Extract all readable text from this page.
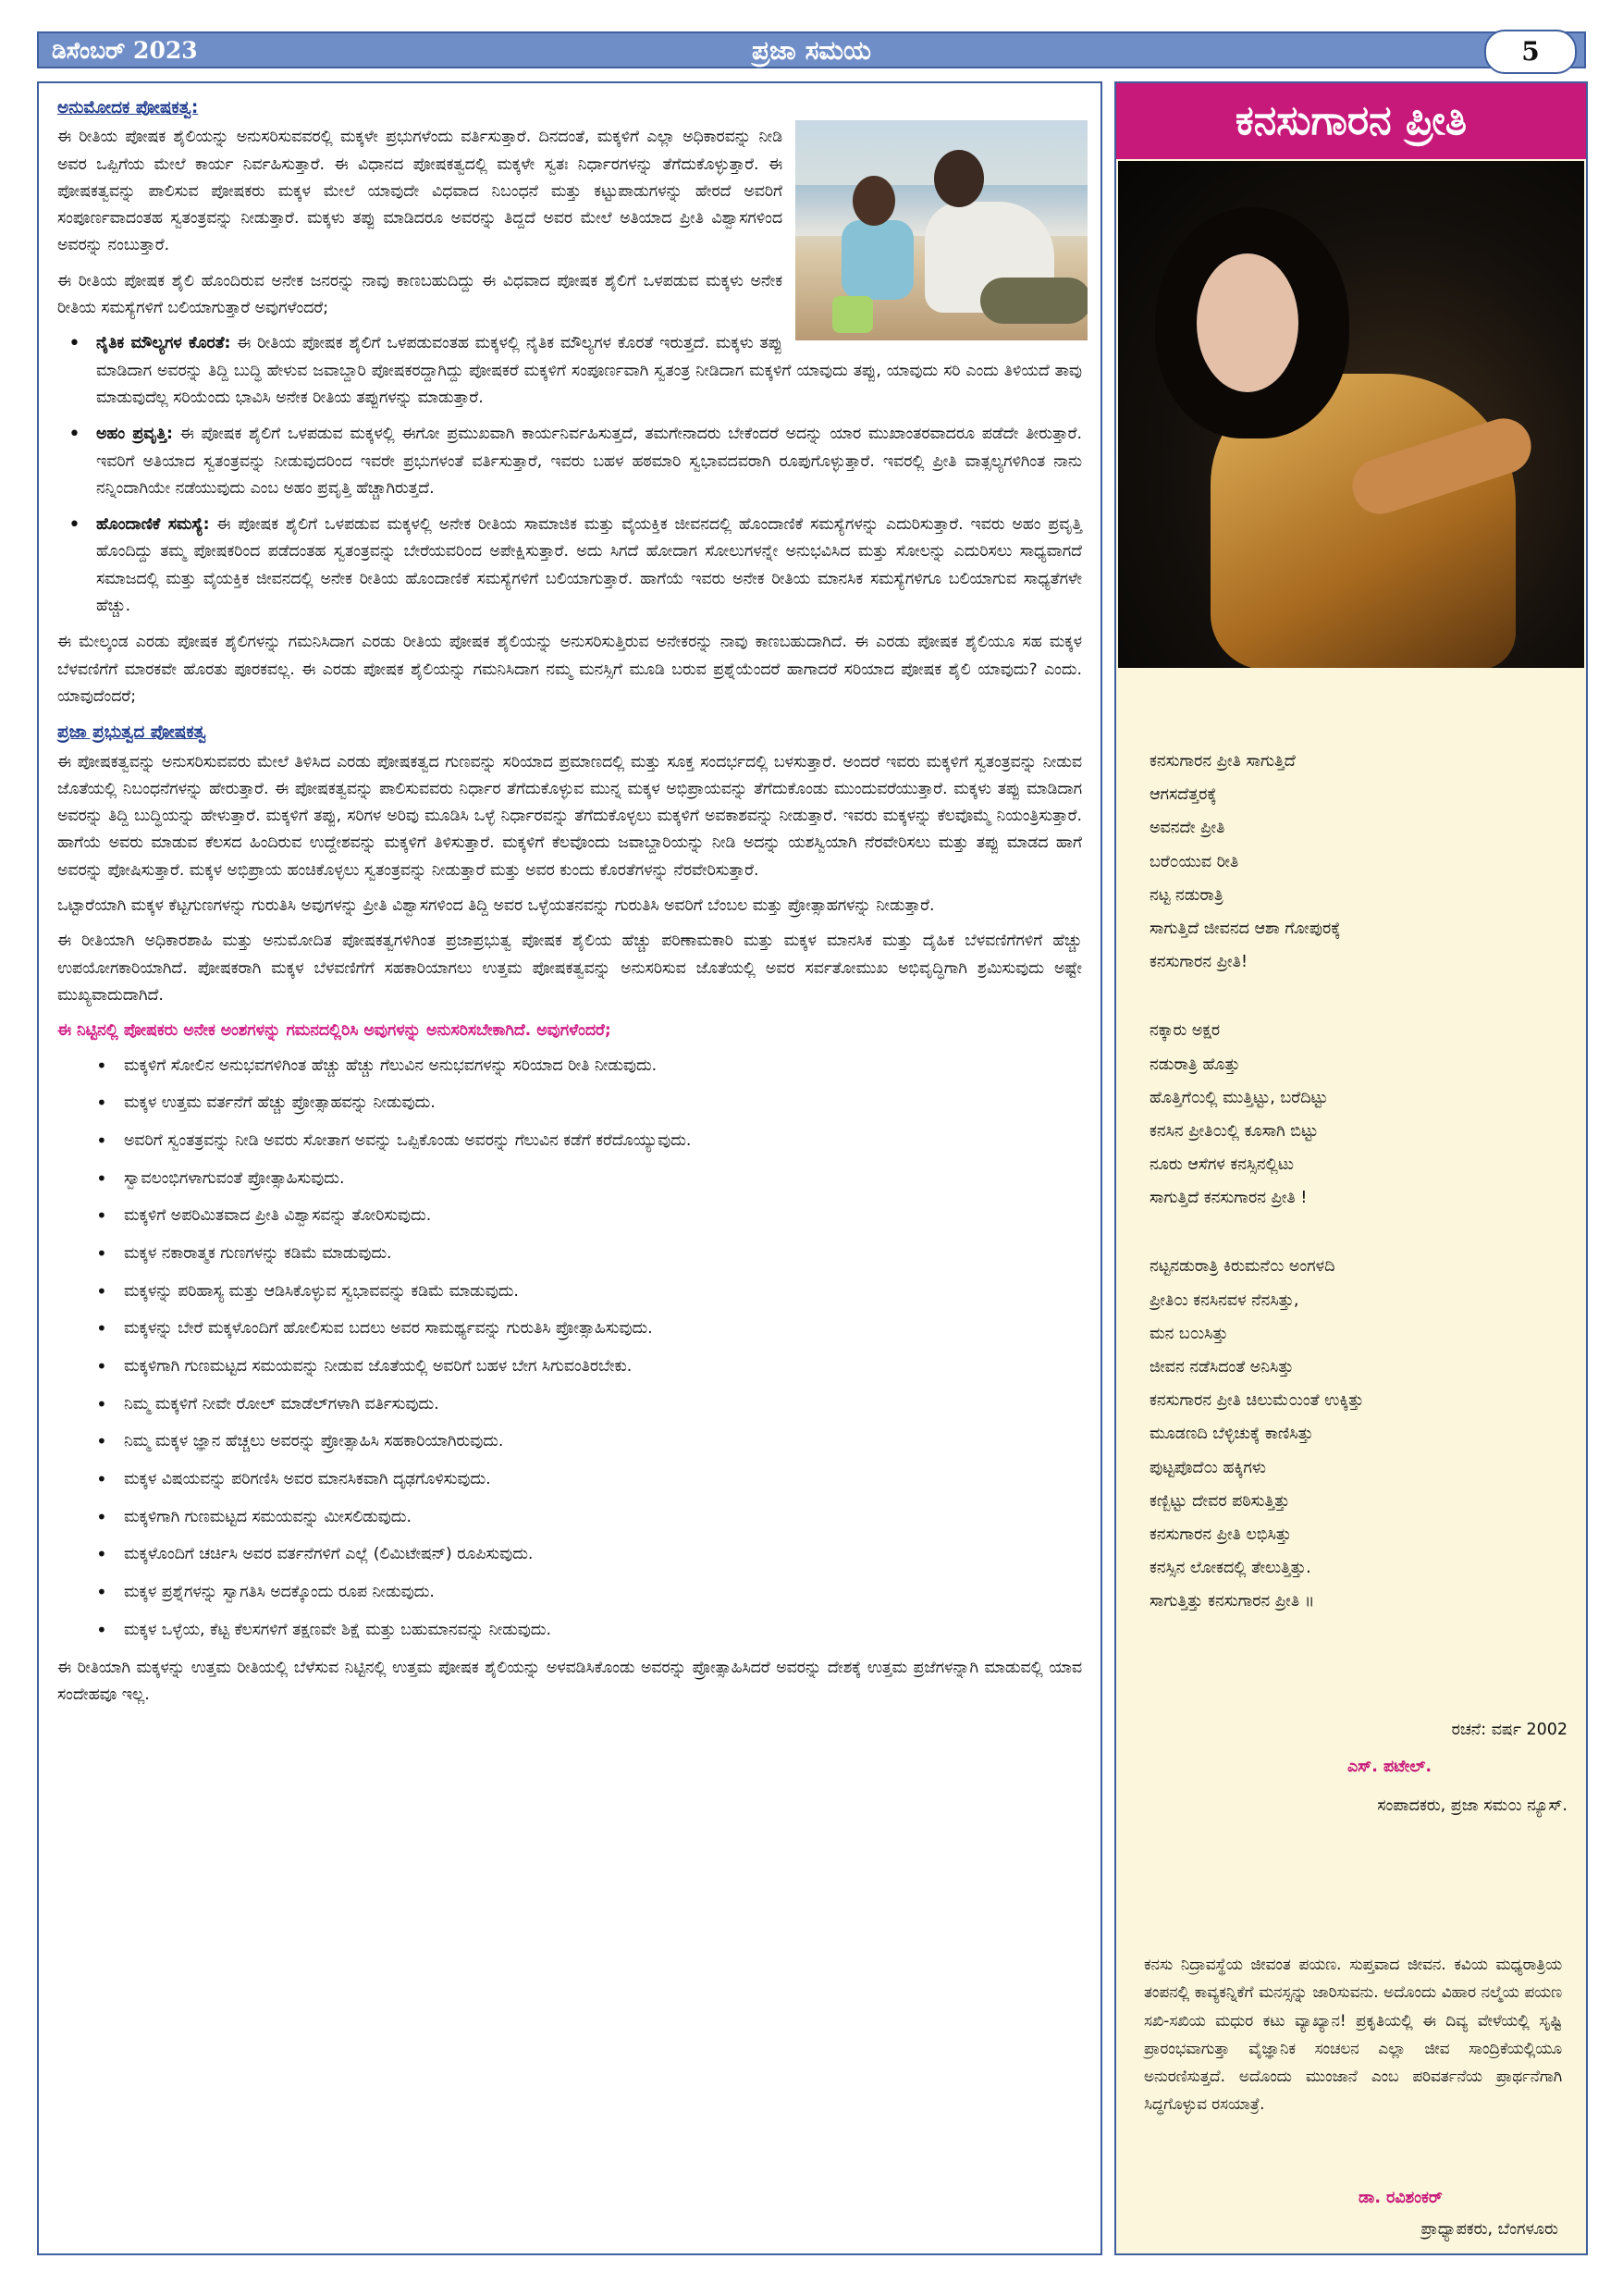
ಡಿಸೆಂಬರ್ 2023	ಪ್ರಜಾ ಸಮಯ	5
ಅನುಮೋದಕ ಪೋಷಕತ್ವ:

ಈ ರೀತಿಯ ಪೋಷಕ ಶೈಲಿಯನ್ನು ಅನುಸರಿಸುವವರಲ್ಲಿ ಮಕ್ಕಳೇ ಪ್ರಭುಗಳೆಂದು ವರ್ತಿಸುತ್ತಾರೆ. ದಿನದಂತೆ, ಮಕ್ಕಳಿಗೆ ಎಲ್ಲಾ ಅಧಿಕಾರವನ್ನು ನೀಡಿ ಅವರ ಒಪ್ಪಿಗೆಯ ಮೇಲೆ ಕಾರ್ಯ ನಿರ್ವಹಿಸುತ್ತಾರೆ. ಈ ವಿಧಾನದ ಪೋಷಕತ್ವದಲ್ಲಿ ಮಕ್ಕಳೇ ಸ್ವತಃ ನಿರ್ಧಾರಗಳನ್ನು ತೆಗೆದುಕೊಳ್ಳುತ್ತಾರೆ. ಈ ಪೋಷಕತ್ವವನ್ನು ಪಾಲಿಸುವ ಪೋಷಕರು ಮಕ್ಕಳ ಮೇಲೆ ಯಾವುದೇ ವಿಧವಾದ ನಿಬಂಧನೆ ಮತ್ತು ಕಟ್ಟುಪಾಡುಗಳನ್ನು ಹೇರದೆ ಅವರಿಗೆ ಸಂಪೂರ್ಣವಾದಂತಹ ಸ್ವತಂತ್ರವನ್ನು ನೀಡುತ್ತಾರೆ. ಮಕ್ಕಳು ತಪ್ಪು ಮಾಡಿದರೂ ಅವರನ್ನು ತಿದ್ದದೆ ಅವರ ಮೇಲೆ ಅತಿಯಾದ ಪ್ರೀತಿ ವಿಶ್ವಾಸಗಳಿಂದ ಅವರನ್ನು ನಂಬುತ್ತಾರೆ.

ಈ ರೀತಿಯ ಪೋಷಕ ಶೈಲಿ ಹೊಂದಿರುವ ಅನೇಕ ಜನರನ್ನು ನಾವು ಕಾಣಬಹುದಿದ್ದು ಈ ವಿಧವಾದ ಪೋಷಕ ಶೈಲಿಗೆ ಒಳಪಡುವ ಮಕ್ಕಳು ಅನೇಕ ರೀತಿಯ ಸಮಸ್ಯೆಗಳಿಗೆ ಬಲಿಯಾಗುತ್ತಾರೆ ಅವುಗಳೆಂದರೆ;

• ನೈತಿಕ ಮೌಲ್ಯಗಳ ಕೊರತೆ: ಈ ರೀತಿಯ ಪೋಷಕ ಶೈಲಿಗೆ ಒಳಪಡುವಂತಹ ಮಕ್ಕಳಲ್ಲಿ ನೈತಿಕ ಮೌಲ್ಯಗಳ ಕೊರತೆ ಇರುತ್ತದೆ. ಮಕ್ಕಳು ತಪ್ಪು ಮಾಡಿದಾಗ ಅವರನ್ನು ತಿದ್ದಿ ಬುದ್ಧಿ ಹೇಳುವ ಜವಾಬ್ದಾರಿ ಪೋಷಕರದ್ದಾಗಿದ್ದು ಪೋಷಕರೆ ಮಕ್ಕಳಿಗೆ ಸಂಪೂರ್ಣವಾಗಿ ಸ್ವತಂತ್ರ ನೀಡಿದಾಗ ಮಕ್ಕಳಿಗೆ ಯಾವುದು ತಪ್ಪು, ಯಾವುದು ಸರಿ ಎಂದು ತಿಳಿಯದೆ ತಾವು ಮಾಡುವುದೆಲ್ಲ ಸರಿಯೆಂದು ಭಾವಿಸಿ ಅನೇಕ ರೀತಿಯ ತಪ್ಪುಗಳನ್ನು ಮಾಡುತ್ತಾರೆ.
• ಅಹಂ ಪ್ರವೃತ್ತಿ: ಈ ಪೋಷಕ ಶೈಲಿಗೆ ಒಳಪಡುವ ಮಕ್ಕಳಲ್ಲಿ ಈಗೋ ಪ್ರಮುಖವಾಗಿ ಕಾರ್ಯನಿರ್ವಹಿಸುತ್ತದೆ, ತಮಗೇನಾದರು ಬೇಕೆಂದರೆ ಅದನ್ನು ಯಾರ ಮುಖಾಂತರವಾದರೂ ಪಡೆದೇ ತೀರುತ್ತಾರೆ. ಇವರಿಗೆ ಅತಿಯಾದ ಸ್ವತಂತ್ರವನ್ನು ನೀಡುವುದರಿಂದ ಇವರೇ ಪ್ರಭುಗಳಂತೆ ವರ್ತಿಸುತ್ತಾರೆ, ಇವರು ಬಹಳ ಹಠಮಾರಿ ಸ್ವಭಾವದವರಾಗಿ ರೂಪುಗೊಳ್ಳುತ್ತಾರೆ. ಇವರಲ್ಲಿ ಪ್ರೀತಿ ವಾತ್ಸಲ್ಯಗಳಿಗಿಂತ ನಾನು ನನ್ನಿಂದಾಗಿಯೇ ನಡೆಯುವುದು ಎಂಬ ಅಹಂ ಪ್ರವೃತ್ತಿ ಹೆಚ್ಚಾಗಿರುತ್ತದೆ.
• ಹೊಂದಾಣಿಕೆ ಸಮಸ್ಯೆ: ಈ ಪೋಷಕ ಶೈಲಿಗೆ ಒಳಪಡುವ ಮಕ್ಕಳಲ್ಲಿ ಅನೇಕ ರೀತಿಯ ಸಾಮಾಜಿಕ ಮತ್ತು ವೈಯಕ್ತಿಕ ಜೀವನದಲ್ಲಿ ಹೊಂದಾಣಿಕೆ ಸಮಸ್ಯೆಗಳನ್ನು ಎದುರಿಸುತ್ತಾರೆ. ಇವರು ಅಹಂ ಪ್ರವೃತ್ತಿ ಹೊಂದಿದ್ದು ತಮ್ಮ ಪೋಷಕರಿಂದ ಪಡೆದಂತಹ ಸ್ವತಂತ್ರವನ್ನು ಬೇರೆಯವರಿಂದ ಅಪೇಕ್ಷಿಸುತ್ತಾರೆ. ಅದು ಸಿಗದೆ ಹೋದಾಗ ಸೋಲುಗಳನ್ನೇ ಅನುಭವಿಸಿದ ಮತ್ತು ಸೋಲನ್ನು ಎದುರಿಸಲು ಸಾಧ್ಯವಾಗದೆ ಸಮಾಜದಲ್ಲಿ ಮತ್ತು ವೈಯಕ್ತಿಕ ಜೀವನದಲ್ಲಿ ಅನೇಕ ರೀತಿಯ ಹೊಂದಾಣಿಕೆ ಸಮಸ್ಯೆಗಳಿಗೆ ಬಲಿಯಾಗುತ್ತಾರೆ. ಹಾಗೆಯೆ ಇವರು ಅನೇಕ ರೀತಿಯ ಮಾನಸಿಕ ಸಮಸ್ಯೆಗಳಿಗೂ ಬಲಿಯಾಗುವ ಸಾಧ್ಯತೆಗಳೇ ಹೆಚ್ಚು.

ಈ ಮೇಲ್ಕಂಡ ಎರಡು ಪೋಷಕ ಶೈಲಿಗಳನ್ನು ಗಮನಿಸಿದಾಗ ಎರಡು ರೀತಿಯ ಪೋಷಕ ಶೈಲಿಯನ್ನು ಅನುಸರಿಸುತ್ತಿರುವ ಅನೇಕರನ್ನು ನಾವು ಕಾಣಬಹುದಾಗಿದೆ. ಈ ಎರಡು ಪೋಷಕ ಶೈಲಿಯೂ ಸಹ ಮಕ್ಕಳ ಬೆಳವಣಿಗೆಗೆ ಮಾರಕವೇ ಹೊರತು ಪೂರಕವಲ್ಲ. ಈ ಎರಡು ಪೋಷಕ ಶೈಲಿಯನ್ನು ಗಮನಿಸಿದಾಗ ನಮ್ಮ ಮನಸ್ಸಿಗೆ ಮೂಡಿ ಬರುವ ಪ್ರಶ್ನೆಯೆಂದರೆ ಹಾಗಾದರೆ ಸರಿಯಾದ ಪೋಷಕ ಶೈಲಿ ಯಾವುದು? ಎಂದು. ಯಾವುದೆಂದರೆ;

ಪ್ರಜಾ ಪ್ರಭುತ್ವದ ಪೋಷಕತ್ವ

ಈ ಪೋಷಕತ್ವವನ್ನು ಅನುಸರಿಸುವವರು ಮೇಲೆ ತಿಳಿಸಿದ ಎರಡು ಪೋಷಕತ್ವದ ಗುಣವನ್ನು ಸರಿಯಾದ ಪ್ರಮಾಣದಲ್ಲಿ ಮತ್ತು ಸೂಕ್ತ ಸಂದರ್ಭದಲ್ಲಿ ಬಳಸುತ್ತಾರೆ. ಅಂದರೆ ಇವರು ಮಕ್ಕಳಿಗೆ ಸ್ವತಂತ್ರವನ್ನು ನೀಡುವ ಜೊತೆಯಲ್ಲಿ ನಿಬಂಧನೆಗಳನ್ನು ಹೇರುತ್ತಾರೆ. ಈ ಪೋಷಕತ್ವವನ್ನು ಪಾಲಿಸುವವರು ನಿರ್ಧಾರ ತೆಗೆದುಕೊಳ್ಳುವ ಮುನ್ನ ಮಕ್ಕಳ ಅಭಿಪ್ರಾಯವನ್ನು ತೆಗೆದುಕೊಂಡು ಮುಂದುವರೆಯುತ್ತಾರೆ. ಮಕ್ಕಳು ತಪ್ಪು ಮಾಡಿದಾಗ ಅವರನ್ನು ತಿದ್ದಿ ಬುದ್ಧಿಯನ್ನು ಹೇಳುತ್ತಾರೆ. ಮಕ್ಕಳಿಗೆ ತಪ್ಪು, ಸರಿಗಳ ಅರಿವು ಮೂಡಿಸಿ ಒಳ್ಳೆ ನಿರ್ಧಾರವನ್ನು ತೆಗೆದುಕೊಳ್ಳಲು ಮಕ್ಕಳಿಗೆ ಅವಕಾಶವನ್ನು ನೀಡುತ್ತಾರೆ. ಇವರು ಮಕ್ಕಳನ್ನು ಕೆಲವೊಮ್ಮೆ ನಿಯಂತ್ರಿಸುತ್ತಾರೆ. ಹಾಗೆಯೆ ಅವರು ಮಾಡುವ ಕೆಲಸದ ಹಿಂದಿರುವ ಉದ್ದೇಶವನ್ನು ಮಕ್ಕಳಿಗೆ ತಿಳಿಸುತ್ತಾರೆ. ಮಕ್ಕಳಿಗೆ ಕೆಲವೊಂದು ಜವಾಬ್ದಾರಿಯನ್ನು ನೀಡಿ ಅದನ್ನು ಯಶಸ್ವಿಯಾಗಿ ನೆರವೇರಿಸಲು ಮತ್ತು ತಪ್ಪು ಮಾಡದ ಹಾಗೆ ಅವರನ್ನು ಪೋಷಿಸುತ್ತಾರೆ. ಮಕ್ಕಳ ಅಭಿಪ್ರಾಯ ಹಂಚಿಕೊಳ್ಳಲು ಸ್ವತಂತ್ರವನ್ನು ನೀಡುತ್ತಾರೆ ಮತ್ತು ಅವರ ಕುಂದು ಕೊರತೆಗಳನ್ನು ನೆರವೇರಿಸುತ್ತಾರೆ.

ಒಟ್ಟಾರೆಯಾಗಿ ಮಕ್ಕಳ ಕೆಟ್ಟಗುಣಗಳನ್ನು ಗುರುತಿಸಿ ಅವುಗಳನ್ನು ಪ್ರೀತಿ ವಿಶ್ವಾಸಗಳಿಂದ ತಿದ್ದಿ ಅವರ ಒಳ್ಳೆಯತನವನ್ನು ಗುರುತಿಸಿ ಅವರಿಗೆ ಬೆಂಬಲ ಮತ್ತು ಪ್ರೋತ್ಸಾಹಗಳನ್ನು ನೀಡುತ್ತಾರೆ.

ಈ ರೀತಿಯಾಗಿ ಅಧಿಕಾರಶಾಹಿ ಮತ್ತು ಅನುಮೋದಿತ ಪೋಷಕತ್ವಗಳಿಗಿಂತ ಪ್ರಜಾಪ್ರಭುತ್ವ ಪೋಷಕ ಶೈಲಿಯ ಹೆಚ್ಚು ಪರಿಣಾಮಕಾರಿ ಮತ್ತು ಮಕ್ಕಳ ಮಾನಸಿಕ ಮತ್ತು ದೈಹಿಕ ಬೆಳವಣಿಗೆಗಳಿಗೆ ಹೆಚ್ಚು ಉಪಯೋಗಕಾರಿಯಾಗಿದೆ. ಪೋಷಕರಾಗಿ ಮಕ್ಕಳ ಬೆಳವಣಿಗೆಗೆ ಸಹಕಾರಿಯಾಗಲು ಉತ್ತಮ ಪೋಷಕತ್ವವನ್ನು ಅನುಸರಿಸುವ ಜೊತೆಯಲ್ಲಿ ಅವರ ಸರ್ವತೋಮುಖ ಅಭಿವೃದ್ಧಿಗಾಗಿ ಶ್ರಮಿಸುವುದು ಅಷ್ಟೇ ಮುಖ್ಯವಾದುದಾಗಿದೆ.

ಈ ನಿಟ್ಟಿನಲ್ಲಿ ಪೋಷಕರು ಅನೇಕ ಅಂಶಗಳನ್ನು ಗಮನದಲ್ಲಿರಿಸಿ ಅವುಗಳನ್ನು ಅನುಸರಿಸಬೇಕಾಗಿದೆ. ಅವುಗಳೆಂದರೆ;
• ಮಕ್ಕಳಿಗೆ ಸೋಲಿನ ಅನುಭವಗಳಿಗಿಂತ ಹೆಚ್ಚು ಹೆಚ್ಚು ಗೆಲುವಿನ ಅನುಭವಗಳನ್ನು ಸರಿಯಾದ ರೀತಿ ನೀಡುವುದು.
• ಮಕ್ಕಳ ಉತ್ತಮ ವರ್ತನೆಗೆ ಹೆಚ್ಚು ಪ್ರೋತ್ಸಾಹವನ್ನು ನೀಡುವುದು.
• ಅವರಿಗೆ ಸ್ವಂತತ್ರವನ್ನು ನೀಡಿ ಅವರು ಸೋತಾಗ ಅವನ್ನು ಒಪ್ಪಿಕೊಂಡು ಅವರನ್ನು ಗೆಲುವಿನ ಕಡೆಗೆ ಕರೆದೊಯ್ಯುವುದು.
• ಸ್ವಾವಲಂಭಿಗಳಾಗುವಂತೆ ಪ್ರೋತ್ಸಾಹಿಸುವುದು.
• ಮಕ್ಕಳಿಗೆ ಅಪರಿಮಿತವಾದ ಪ್ರೀತಿ ವಿಶ್ವಾಸವನ್ನು ತೋರಿಸುವುದು.
• ಮಕ್ಕಳ ನಕಾರಾತ್ಮಕ ಗುಣಗಳನ್ನು ಕಡಿಮೆ ಮಾಡುವುದು.
• ಮಕ್ಕಳನ್ನು ಪರಿಹಾಸ್ಯ ಮತ್ತು ಆಡಿಸಿಕೊಳ್ಳುವ ಸ್ವಭಾವವನ್ನು ಕಡಿಮೆ ಮಾಡುವುದು.
• ಮಕ್ಕಳನ್ನು ಬೇರೆ ಮಕ್ಕಳೊಂದಿಗೆ ಹೋಲಿಸುವ ಬದಲು ಅವರ ಸಾಮರ್ಥ್ಯವನ್ನು ಗುರುತಿಸಿ ಪ್ರೋತ್ಸಾಹಿಸುವುದು.
• ಮಕ್ಕಳಿಗಾಗಿ ಗುಣಮಟ್ಟದ ಸಮಯವನ್ನು ನೀಡುವ ಜೊತೆಯಲ್ಲಿ ಅವರಿಗೆ ಬಹಳ ಬೇಗ ಸಿಗುವಂತಿರಬೇಕು.
• ನಿಮ್ಮ ಮಕ್ಕಳಿಗೆ ನೀವೇ ರೋಲ್ ಮಾಡೆಲ್‌ಗಳಾಗಿ ವರ್ತಿಸುವುದು.
• ನಿಮ್ಮ ಮಕ್ಕಳ ಜ್ಞಾನ ಹೆಚ್ಚಲು ಅವರನ್ನು ಪ್ರೋತ್ಸಾಹಿಸಿ ಸಹಕಾರಿಯಾಗಿರುವುದು.
• ಮಕ್ಕಳ ವಿಷಯವನ್ನು ಪರಿಗಣಿಸಿ ಅವರ ಮಾನಸಿಕವಾಗಿ ದೃಢಗೊಳಿಸುವುದು.
• ಮಕ್ಕಳಿಗಾಗಿ ಗುಣಮಟ್ಟದ ಸಮಯವನ್ನು ಮೀಸಲಿಡುವುದು.
• ಮಕ್ಕಳೊಂದಿಗೆ ಚರ್ಚಿಸಿ ಅವರ ವರ್ತನೆಗಳಿಗೆ ಎಲ್ಲೆ (ಲಿಮಿಟೇಷನ್) ರೂಪಿಸುವುದು.
• ಮಕ್ಕಳ ಪ್ರಶ್ನೆಗಳನ್ನು ಸ್ವಾಗತಿಸಿ ಅದಕ್ಕೊಂದು ರೂಪ ನೀಡುವುದು.
• ಮಕ್ಕಳ ಒಳ್ಳೆಯ, ಕೆಟ್ಟ ಕೆಲಸಗಳಿಗೆ ತಕ್ಷಣವೇ ಶಿಕ್ಷೆ ಮತ್ತು ಬಹುಮಾನವನ್ನು ನೀಡುವುದು.

ಈ ರೀತಿಯಾಗಿ ಮಕ್ಕಳನ್ನು ಉತ್ತಮ ರೀತಿಯಲ್ಲಿ ಬೆಳೆಸುವ ನಿಟ್ಟಿನಲ್ಲಿ ಉತ್ತಮ ಪೋಷಕ ಶೈಲಿಯನ್ನು ಅಳವಡಿಸಿಕೊಂಡು ಅವರನ್ನು ಪ್ರೋತ್ಸಾಹಿಸಿದರೆ ಅವರನ್ನು ದೇಶಕ್ಕೆ ಉತ್ತಮ ಪ್ರಜೆಗಳನ್ನಾಗಿ ಮಾಡುವಲ್ಲಿ ಯಾವ ಸಂದೇಹವೂ ಇಲ್ಲ.

ಕನಸುಗಾರನ ಪ್ರೀತಿ
ಕನಸುಗಾರನ ಪ್ರೀತಿ ಸಾಗುತ್ತಿದೆ
ಆಗಸದೆತ್ತರಕ್ಕೆ
ಅವನದೇ ಪ್ರೀತಿ
ಬರೆ೦ಯುವ ರೀತಿ
ನಟ್ಟ ನಡುರಾತ್ರಿ
ಸಾಗುತ್ತಿದೆ ಜೀವನದ ಆಶಾ ಗೋಪುರಕ್ಕೆ
ಕನಸುಗಾರನ ಪ್ರೀತಿ!
ನಕ್ಕಾರು ಅಕ್ಷರ
ನಡುರಾತ್ರಿ ಹೊತ್ತು
ಹೊತ್ತಿಗೆ೦ುಲ್ಲಿ ಮುತ್ತಿಟ್ಟು, ಬರೆದಿಟ್ಟು
ಕನಸಿನ ಪ್ರೀತಿ೦ುಲ್ಲಿ ಕೂಸಾಗಿ ಬಿಟ್ಟು
ನೂರು ಆಸೆಗಳ ಕನಸ್ಸಿನಲ್ಲಿಟು
ಸಾಗುತ್ತಿದೆ ಕನಸುಗಾರನ ಪ್ರೀತಿ !
ನಟ್ಟನಡುರಾತ್ರಿ ಕಿರುಮನೆ೦ು ಅಂಗಳದಿ
ಪ್ರೀತಿ೦ು ಕನಸಿನವಳ ನೆನಸಿತ್ತು,
ಮನ ಬ೦ುಸಿತ್ತು
ಜೀವನ ನಡೆಸಿದಂತೆ ಅನಿಸಿತ್ತು
ಕನಸುಗಾರನ ಪ್ರೀತಿ ಚಿಲುಮೆ೦ುಂತೆ ಉಕ್ಕಿತ್ತು
ಮೂಡಣದಿ ಬೆಳ್ಳಿಚುಕ್ಕೆ ಕಾಣಿಸಿತ್ತು
ಪುಟ್ಟಪೊದೆ೦ು ಹಕ್ಕಿಗಳು
ಕಣ್ಬಿಟ್ಟು ದೇವರ ಪಠಿಸುತ್ತಿತ್ತು
ಕನಸುಗಾರನ ಪ್ರೀತಿ ಲಭಿಸಿತ್ತು
ಕನಸ್ಸಿನ ಲೋಕದಲ್ಲಿ ತೇಲುತ್ತಿತ್ತು.
ಸಾಗುತ್ತಿತ್ತು ಕನಸುಗಾರನ ಪ್ರೀತಿ ॥
ರಚನೆ: ವರ್ಷ 2002
ಎಸ್. ಪಟೇಲ್.
ಸಂಪಾದಕರು, ಪ್ರಜಾ ಸಮ೦ು ನ್ಯೂಸ್.
ಕನಸು ನಿದ್ರಾವಸ್ಥೆಯ ಜೀವಂತ ಪಯಣ. ಸುಪ್ತವಾದ ಜೀವನ. ಕವಿಯ ಮಧ್ಯರಾತ್ರಿಯ ತಂಪನಲ್ಲಿ ಕಾವ್ಯಕನ್ನಿಕೆಗೆ ಮನಸ್ಸನ್ನು ಜಾರಿಸುವನು. ಅದೊಂದು ವಿಹಾರ ನಲ್ಮೆಯ ಪಯಣ ಸಖಿ-ಸಖಿಯ ಮಧುರ ಕಟು ವ್ಯಾಖ್ಯಾನ! ಪ್ರಕೃತಿಯಲ್ಲಿ ಈ ದಿವ್ಯ ವೇಳೆಯಲ್ಲಿ ಸೃಷ್ಟಿ ಪ್ರಾರಂಭವಾಗುತ್ತಾ ವೈಜ್ಞಾನಿಕ ಸಂಚಲನ ಎಲ್ಲಾ ಜೀವ ಸಾಂದ್ರಿಕೆಯಲ್ಲಿಯೂ ಅನುರಣಿಸುತ್ತದೆ. ಅದೊಂದು ಮುಂಜಾನೆ ಎಂಬ ಪರಿವರ್ತನೆಯ ಪ್ರಾರ್ಥನೆಗಾಗಿ ಸಿದ್ಧಗೊಳ್ಳುವ ರಸಯಾತ್ರೆ.
ಡಾ. ರವಿಶಂಕರ್
ಪ್ರಾಧ್ಯಾಪಕರು, ಬೆಂಗಳೂರು
